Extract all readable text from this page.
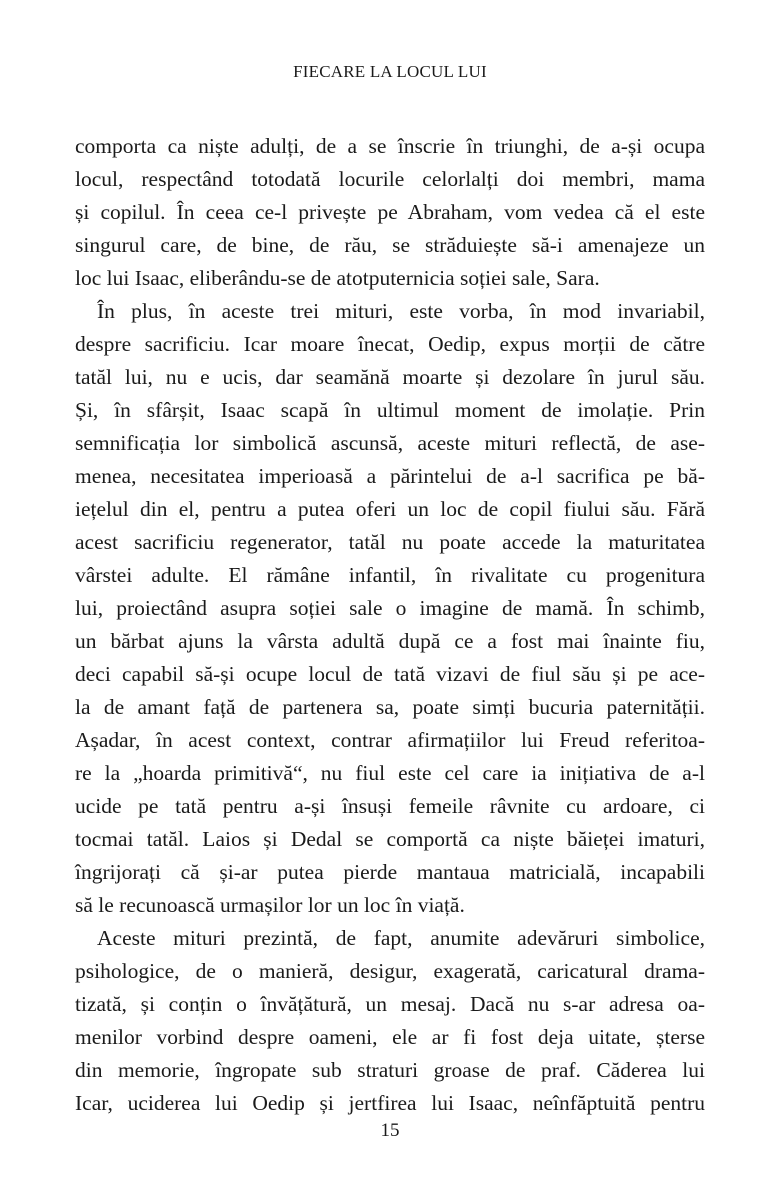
FIECARE LA LOCUL LUI
comporta ca niște adulți, de a se înscrie în triunghi, de a-și ocupa
locul, respectând totodată locurile celorlalți doi membri, mama
și copilul. În ceea ce-l privește pe Abraham, vom vedea că el este
singurul care, de bine, de rău, se străduiește să-i amenajeze un
loc lui Isaac, eliberându-se de atotputernicia soției sale, Sara.
În plus, în aceste trei mituri, este vorba, în mod invariabil,
despre sacrificiu. Icar moare înecat, Oedip, expus morții de către
tatăl lui, nu e ucis, dar seamănă moarte și dezolare în jurul său.
Și, în sfârșit, Isaac scapă în ultimul moment de imolație. Prin
semnificația lor simbolică ascunsă, aceste mituri reflectă, de ase-
menea, necesitatea imperioasă a părintelui de a-l sacrifica pe bă-
iețelul din el, pentru a putea oferi un loc de copil fiului său. Fără
acest sacrificiu regenerator, tatăl nu poate accede la maturitatea
vârstei adulte. El rămâne infantil, în rivalitate cu progenitura
lui, proiectând asupra soției sale o imagine de mamă. În schimb,
un bărbat ajuns la vârsta adultă după ce a fost mai înainte fiu,
deci capabil să-și ocupe locul de tată vizavi de fiul său și pe ace-
la de amant față de partenera sa, poate simți bucuria paternității.
Așadar, în acest context, contrar afirmațiilor lui Freud referitoa-
re la „hoarda primitivă“, nu fiul este cel care ia inițiativa de a-l
ucide pe tată pentru a-și însuși femeile râvnite cu ardoare, ci
tocmai tatăl. Laios și Dedal se comportă ca niște băieței imaturi,
îngrijorați că și-ar putea pierde mantaua matricială, incapabili
să le recunoască urmașilor lor un loc în viață.
Aceste mituri prezintă, de fapt, anumite adevăruri simbolice,
psihologice, de o manieră, desigur, exagerată, caricatural drama-
tizată, și conțin o învățătură, un mesaj. Dacă nu s-ar adresa oa-
menilor vorbind despre oameni, ele ar fi fost deja uitate, șterse
din memorie, îngropate sub straturi groase de praf. Căderea lui
Icar, uciderea lui Oedip și jertfirea lui Isaac, neînfăptuită pentru
15
